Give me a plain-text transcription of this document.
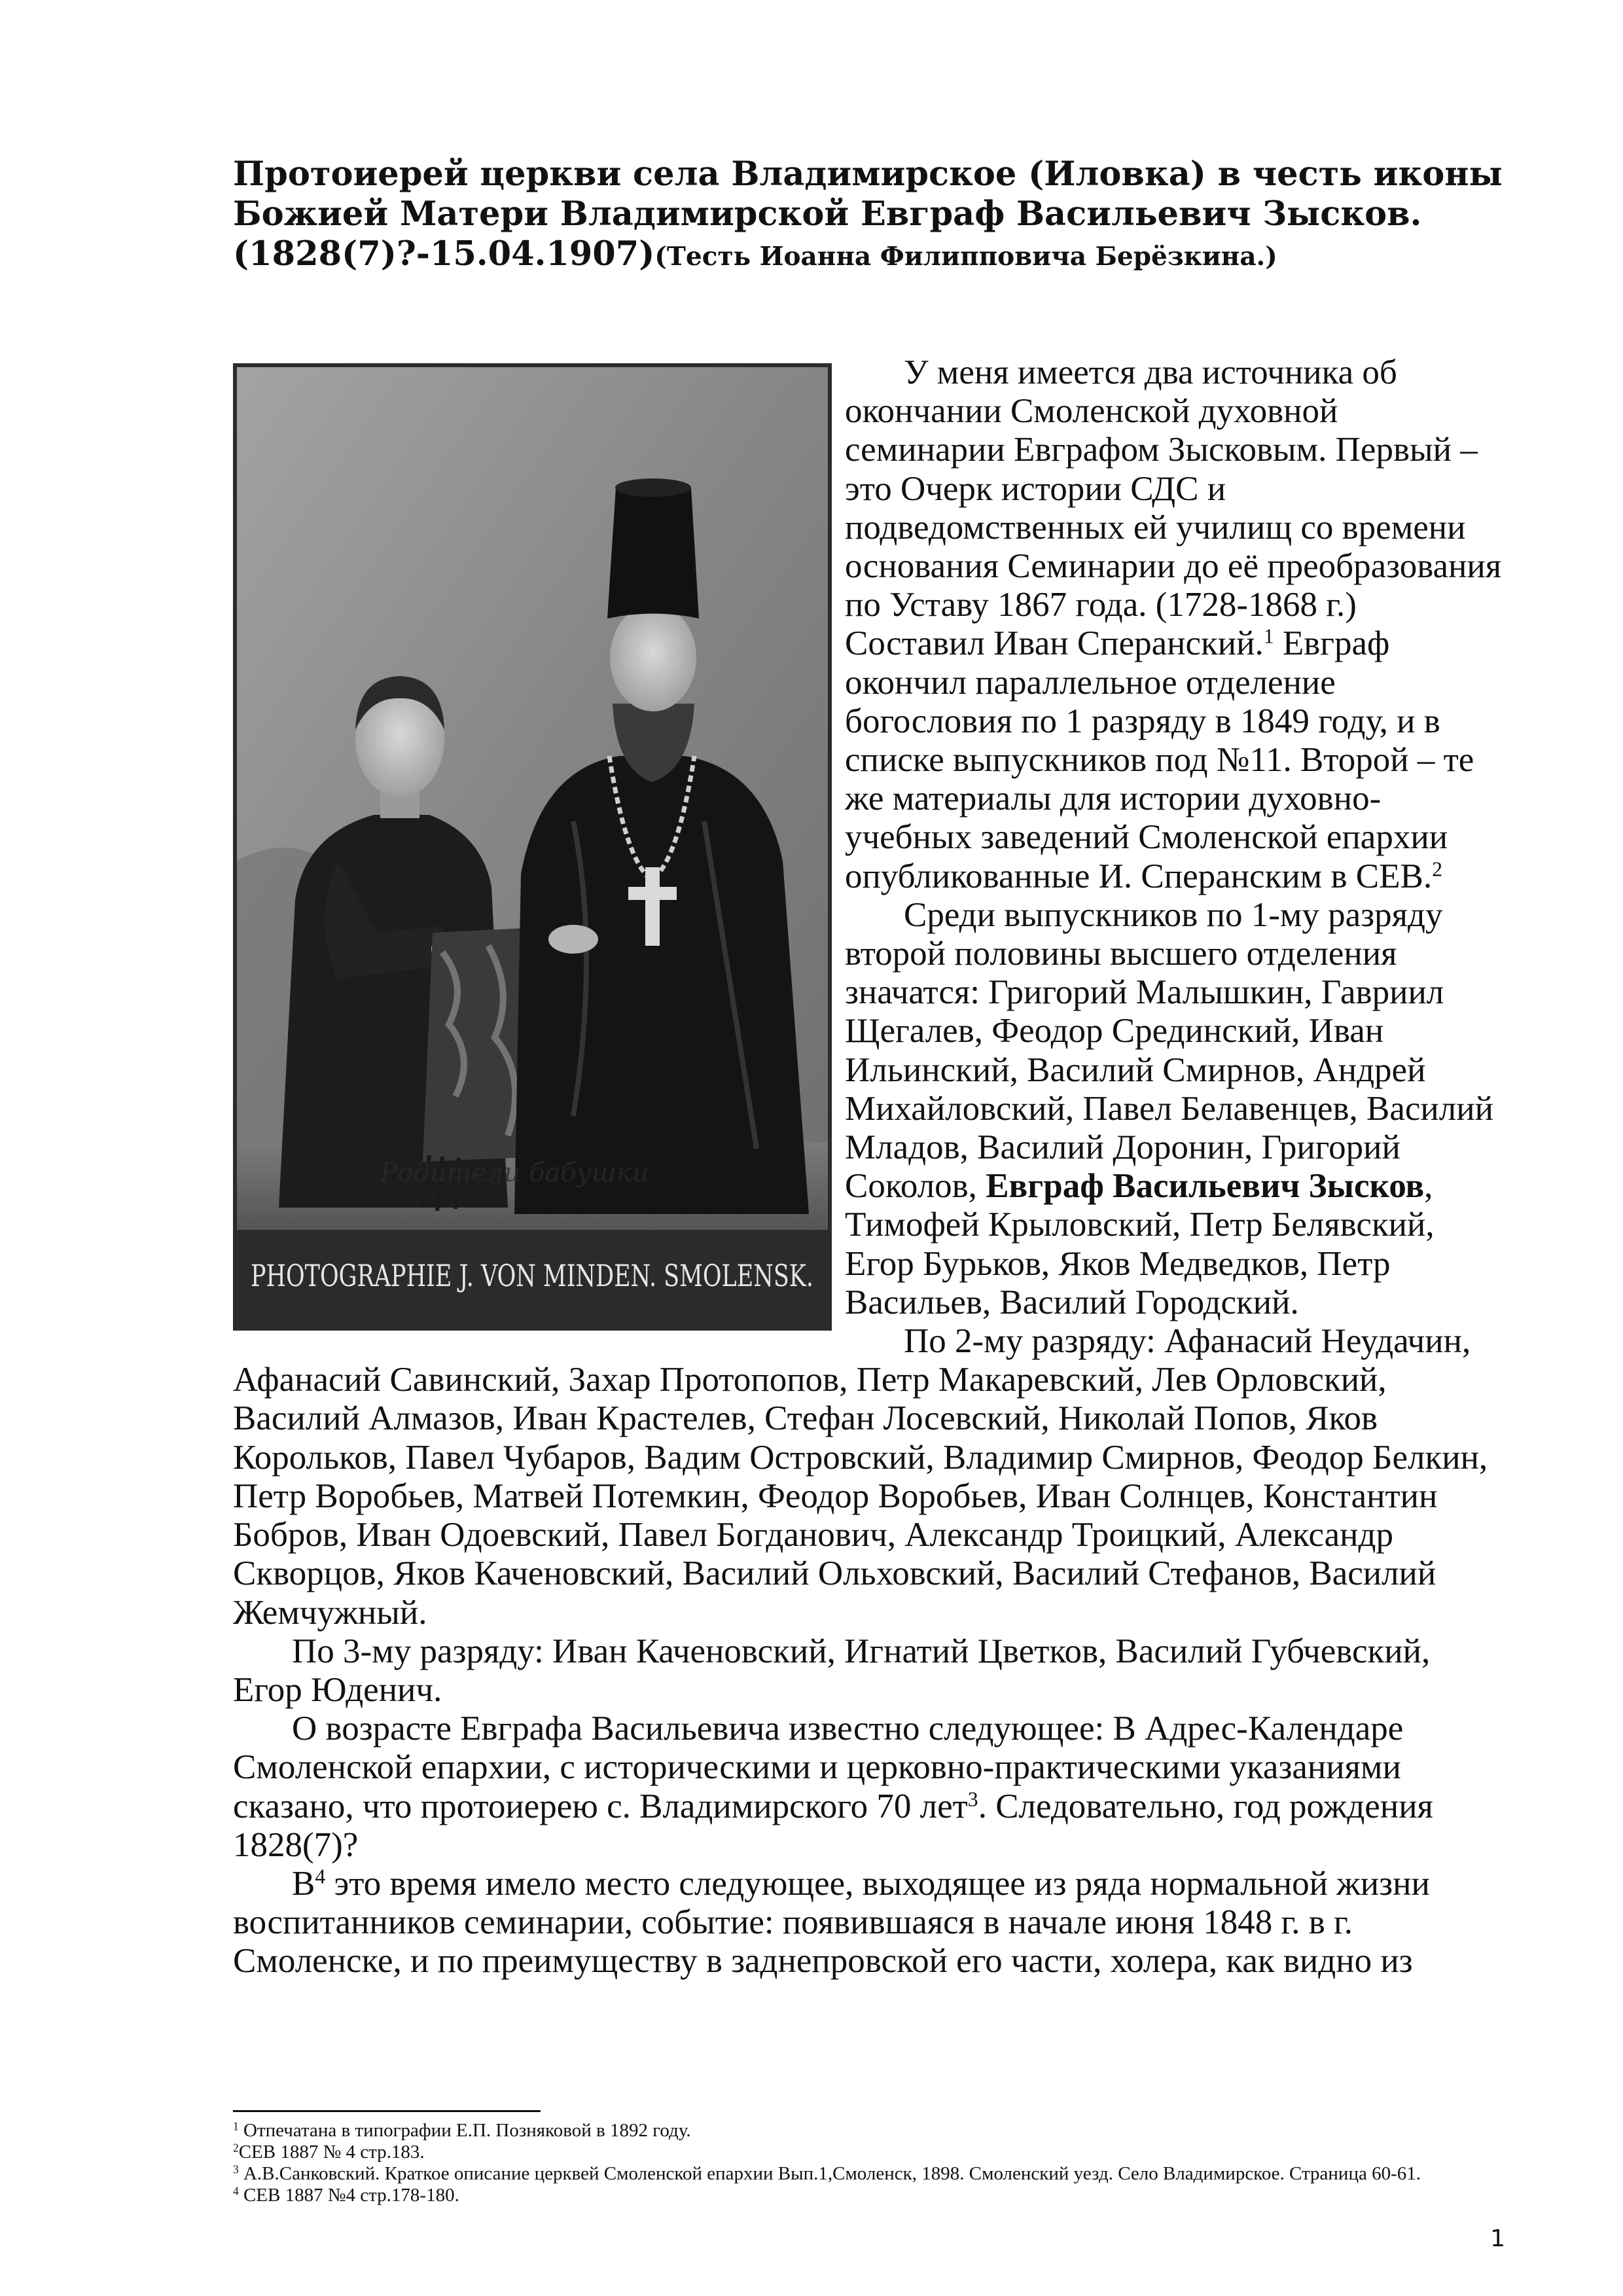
Протоиерей церкви села Владимирское (Иловка) в честь иконы Божией Матери Владимирской Евграф Васильевич Зысков. (1828(7)?-15.04.1907)(Тесть Иоанна Филипповича Берёзкина.)
Родители бабушки
PHOTOGRAPHIE J. VON MINDEN. SMOLENSK.

У меня имеется два источника об окончании Смоленской духовной семинарии Евграфом Зысковым. Первый – это Очерк истории СДС и подведомственных ей училищ со времени основания Семинарии до её преобразования по Уставу 1867 года. (1728-1868 г.) Составил Иван Сперанский.$^1$ Евграф окончил параллельное отделение богословия по 1 разряду в 1849 году, и в списке выпускников под №11. Второй – те же материалы для истории духовно-учебных заведений Смоленской епархии опубликованные И. Сперанским в СЕВ.$^2$

Среди выпускников по 1-му разряду второй половины высшего отделения значатся: Григорий Малышкин, Гавриил Щегалев, Феодор Срединский, Иван Ильинский, Василий Смирнов, Андрей Михайловский, Павел Белавенцев, Василий Младов, Василий Доронин, Григорий Соколов, Евграф Васильевич Зысков, Тимофей Крыловский, Петр Белявский, Егор Бурьков, Яков Медведков, Петр Васильев, Василий Городский.

По 2-му разряду: Афанасий Неудачин, Афанасий Савинский, Захар Протопопов, Петр Макаревский, Лев Орловский, Василий Алмазов, Иван Крастелев, Стефан Лосевский, Николай Попов, Яков Корольков, Павел Чубаров, Вадим Островский, Владимир Смирнов, Феодор Белкин, Петр Воробьев, Матвей Потемкин, Феодор Воробьев, Иван Солнцев, Константин Бобров, Иван Одоевский, Павел Богданович, Александр Троицкий, Александр Скворцов, Яков Каченовский, Василий Ольховский, Василий Стефанов, Василий Жемчужный.

По 3-му разряду: Иван Каченовский, Игнатий Цветков, Василий Губчевский, Егор Юденич.

О возрасте Евграфа Васильевича известно следующее: В Адрес-Календаре Смоленской епархии, с историческими и церковно-практическими указаниями сказано, что протоиерею с. Владимирского 70 лет$^3$. Следовательно, год рождения 1828(7)?

$В^4$ это время имело место следующее, выходящее из ряда нормальной жизни воспитанников семинарии, событие: появившаяся в начале июня 1848 г. в г. Смоленске, и по преимуществу в заднепровской его части, холера, как видно из

$^1$ Отпечатана в типографии Е.П. Позняковой в 1892 году.

$^2$СЕВ 1887 № 4 стр.183.

$^3$ А.В.Санковский. Краткое описание церквей Смоленской епархии Вып.1,Смоленск, 1898. Смоленский уезд. Село Владимирское. Страница 60-61.

$^4$ СЕВ 1887 №4 стр.178-180.

1
